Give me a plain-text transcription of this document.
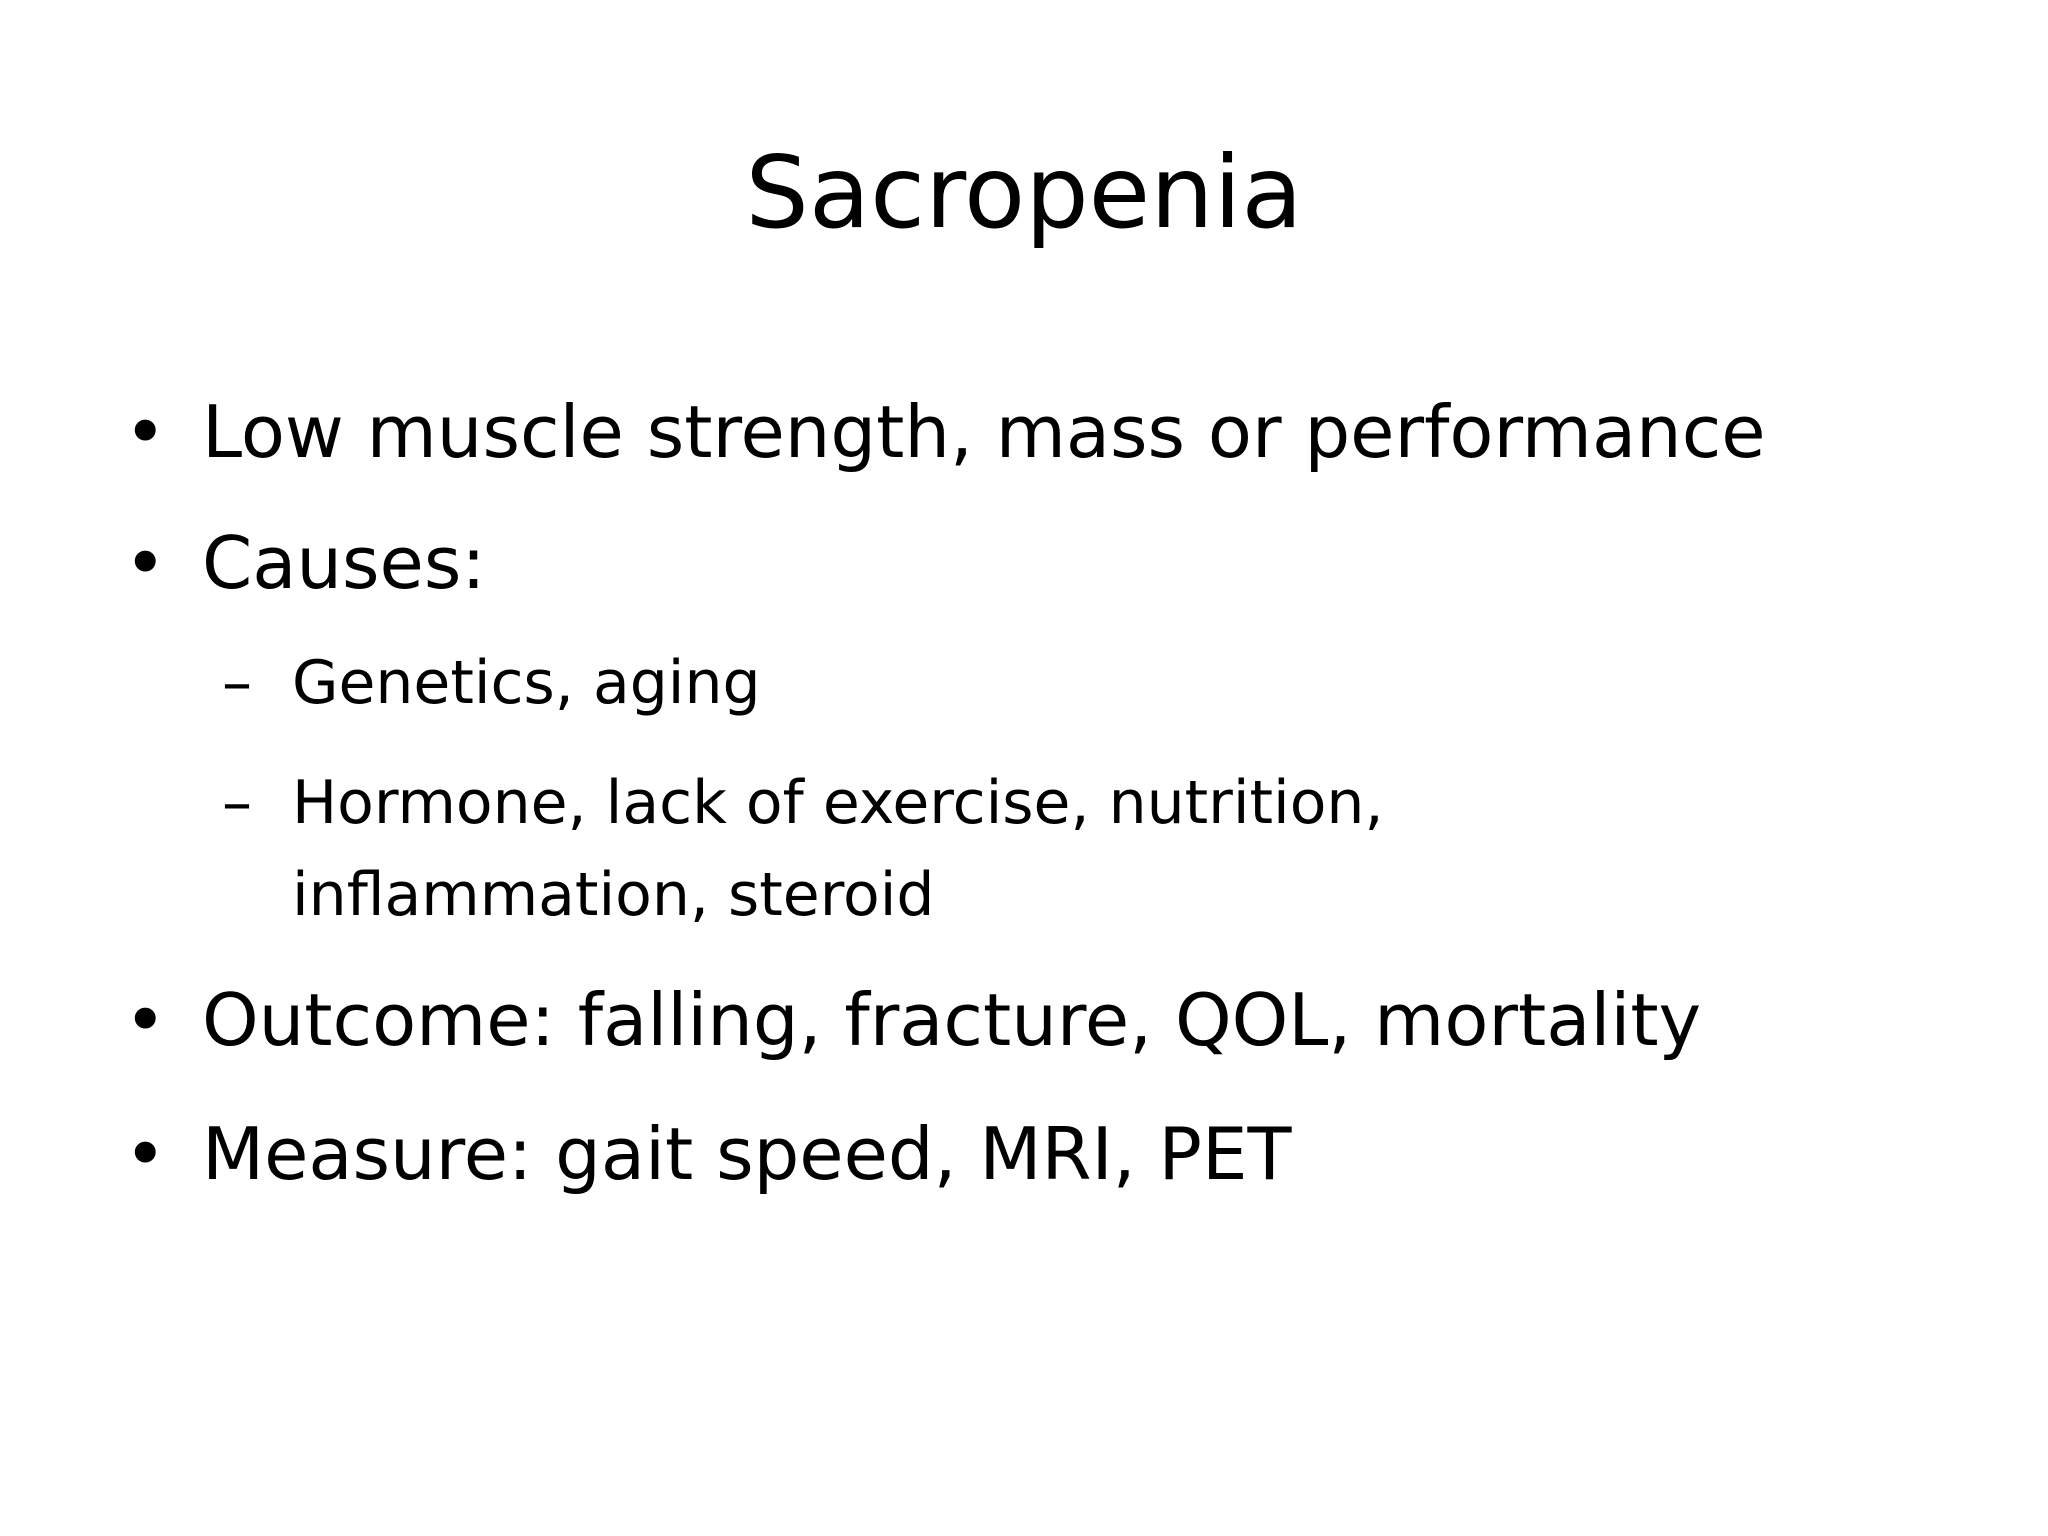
Sacropenia
• Low muscle strength, mass or performance
• Causes:
– Genetics, aging
– Hormone, lack of exercise, nutrition, inflammation, steroid
• Outcome: falling, fracture, QOL, mortality
• Measure: gait speed, MRI, PET
